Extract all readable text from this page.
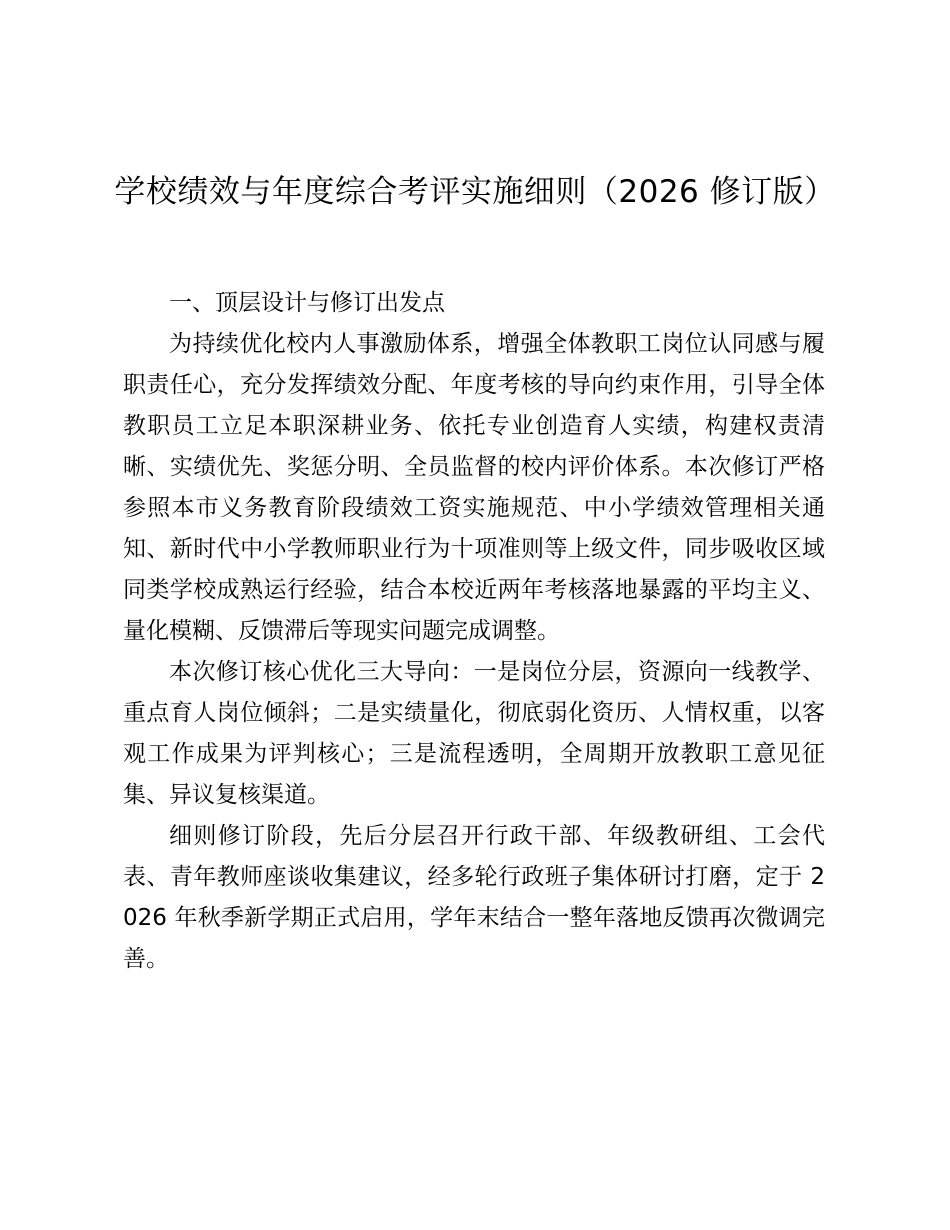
学校绩效与年度综合考评实施细则（2026 修订版）

一、顶层设计与修订出发点

为持续优化校内人事激励体系，增强全体教职工岗位认同感与履职责任心，充分发挥绩效分配、年度考核的导向约束作用，引导全体教职员工立足本职深耕业务、依托专业创造育人实绩，构建权责清晰、实绩优先、奖惩分明、全员监督的校内评价体系。本次修订严格参照本市义务教育阶段绩效工资实施规范、中小学绩效管理相关通知、新时代中小学教师职业行为十项准则等上级文件，同步吸收区域同类学校成熟运行经验，结合本校近两年考核落地暴露的平均主义、量化模糊、反馈滞后等现实问题完成调整。

本次修订核心优化三大导向：一是岗位分层，资源向一线教学、重点育人岗位倾斜；二是实绩量化，彻底弱化资历、人情权重，以客观工作成果为评判核心；三是流程透明，全周期开放教职工意见征集、异议复核渠道。

细则修订阶段，先后分层召开行政干部、年级教研组、工会代表、青年教师座谈收集建议，经多轮行政班子集体研讨打磨，定于 2026 年秋季新学期正式启用，学年末结合一整年落地反馈再次微调完善。
